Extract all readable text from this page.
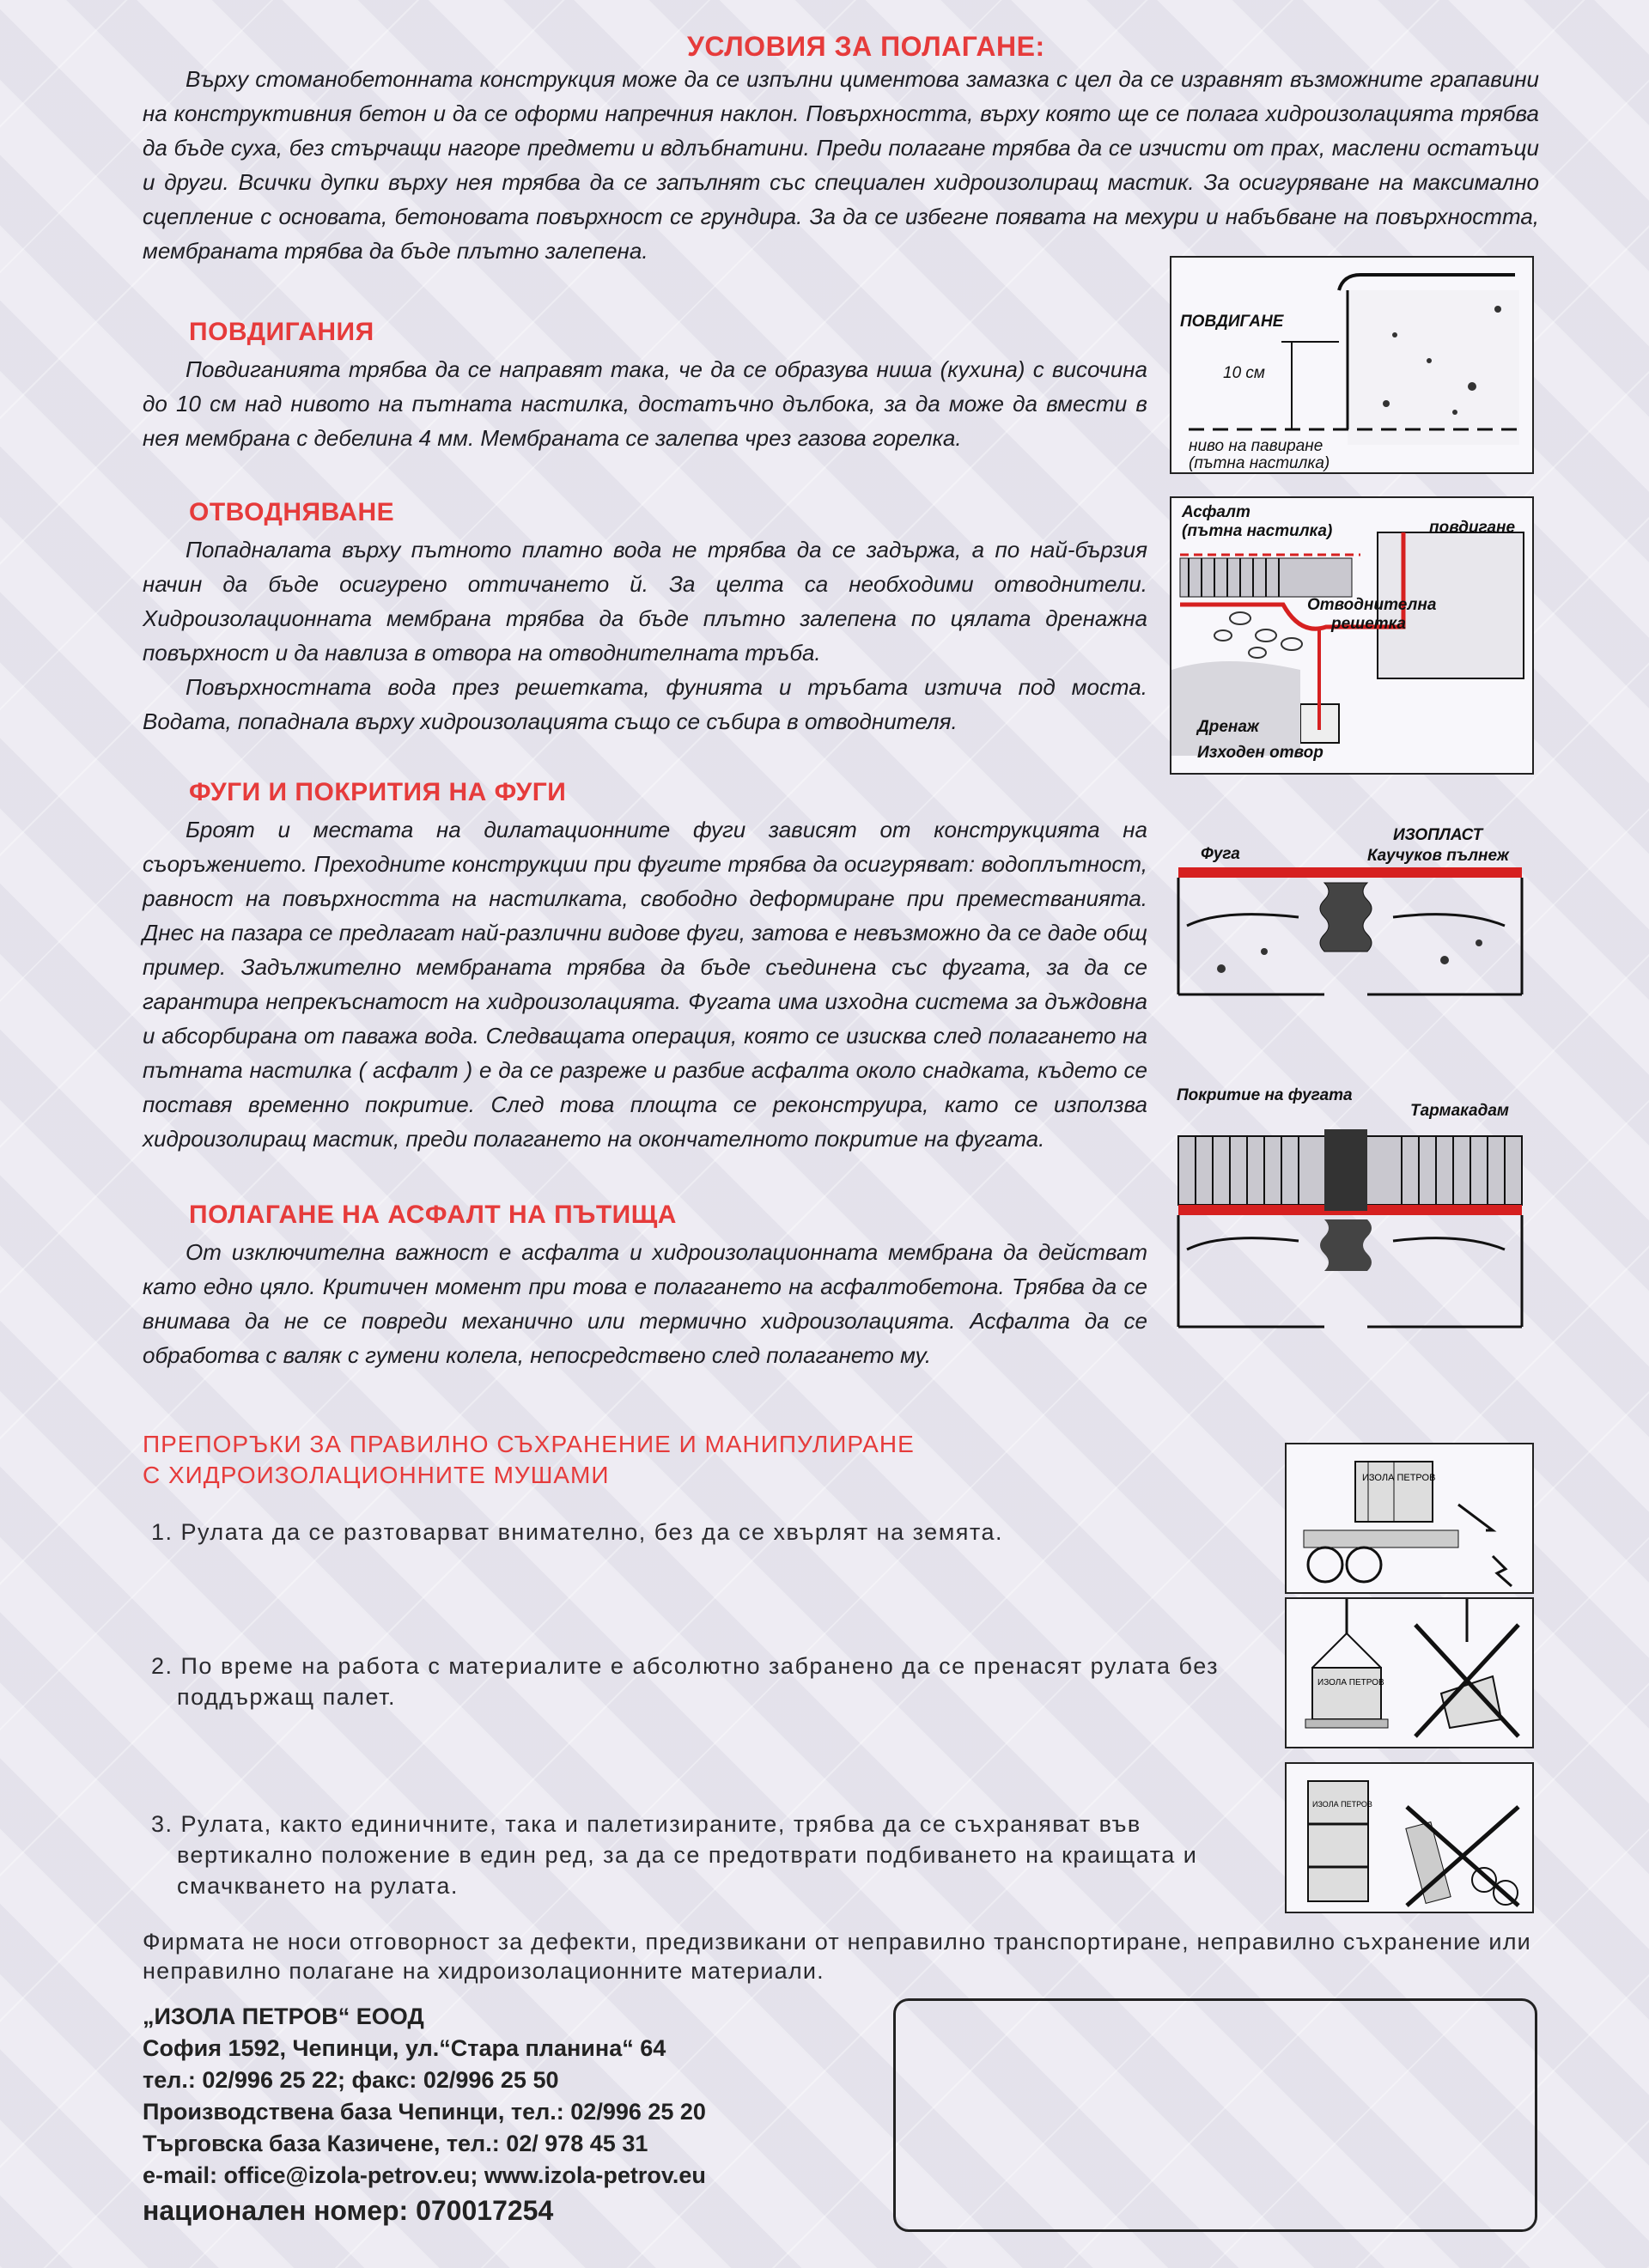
УСЛОВИЯ ЗА ПОЛАГАНЕ:

Върху стоманобетонната конструкция може да се изпълни циментова замазка с цел да се изравнят възможните грапавини на конструктивния бетон и да се оформи напречния наклон. Повърхността, върху която ще се полага хидроизолацията трябва да бъде суха, без стърчащи нагоре предмети и вдлъбнатини. Преди полагане трябва да се изчисти от прах, маслени остатъци и други. Всички дупки върху нея трябва да се запълнят със специален хидроизолиращ мастик. За осигуряване на максимално сцепление с основата, бетоновата повърхност се грундира. За да се избегне появата на мехури и набъбване на повърхността, мембраната трябва да бъде плътно залепена.

ПОВДИГАНИЯ

Повдиганията трябва да се направят така, че да се образува ниша (кухина) с височина до 10 см над нивото на пътната настилка, достатъчно дълбока, за да може да вмести в нея мембрана с дебелина 4 мм. Мембраната се залепва чрез газова горелка.

ОТВОДНЯВАНЕ

Попадналата върху пътното платно вода не трябва да се задържа, а по най-бързия начин да бъде осигурено оттичането й. За целта са необходими отводнители. Хидроизолационната мембрана трябва да бъде плътно залепена по цялата дренажна повърхност и да навлиза в отвора на отводнителната тръба.

Повърхностната вода през решетката, фунията и тръбата изтича под моста. Водата, попаднала върху хидроизолацията също се събира в отводнителя.

ФУГИ И ПОКРИТИЯ НА ФУГИ

Броят и местата на дилатационните фуги зависят от конструкцията на съоръжението. Преходните конструкции при фугите трябва да осигуряват: водоплътност, равност на повърхността на настилката, свободно деформиране при преместванията. Днес на пазара се предлагат най-различни видове фуги, затова е невъзможно да се даде общ пример. Задължително мембраната трябва да бъде съединена със фугата, за да се гарантира непрекъснатост на хидроизолацията. Фугата има изходна система за дъждовна и абсорбирана от паважа вода. Следващата операция, която се изисква след полагането на пътната настилка ( асфалт ) е да се разреже и разбие асфалта около снадката, където се поставя временно покритие. След това площта се реконструира, като се използва хидроизолиращ мастик, преди полагането на окончателното покритие на фугата.

ПОЛАГАНЕ НА АСФАЛТ НА ПЪТИЩА

От изключителна важност е асфалта и хидроизолационната мембрана да действат като едно цяло. Критичен момент при това е полагането на асфалтобетона. Трябва да се внимава да не се повреди механично или термично хидроизолацията. Асфалта да се обработва с валяк с гумени колела, непосредствено след полагането му.

ПОВДИГАНЕ
10 см
ниво на павиране
(пътна настилка)
Асфалт
(пътна настилка)	повдигане
Отводнителна
решетка
Дренаж
Изходен отвор
ИЗОПЛАСТ
Фуга	Каучуков пълнеж
Покритие на фугата
Тармакадам
ПРЕПОРЪКИ ЗА ПРАВИЛНО СЪХРАНЕНИЕ И МАНИПУЛИРАНЕ
С ХИДРОИЗОЛАЦИОННИТЕ МУШАМИ
1. Рулата да се разтоварват внимателно, без да се хвърлят на земята.
2. По време на работа с материалите е абсолютно забранено да се пренасят рулата без поддържащ палет.
3. Рулата, както единичните, така и палетизираните, трябва да се съхраняват във вертикално положение в един ред, за да се предотврати подбиването на краищата и смачкването на рулата.
ИЗОЛА ПЕТРОВ
ИЗОЛА ПЕТРОВ
ИЗОЛА ПЕТРОВ
Фирмата не носи отговорност за дефекти, предизвикани от неправилно транспортиране, неправилно съхранение или неправилно полагане на хидроизолационните материали.
„ИЗОЛА ПЕТРОВ“ ЕООД
София 1592, Чепинци, ул.“Стара планина“ 64
тел.: 02/996 25 22; факс: 02/996 25 50
Производствена база Чепинци, тел.: 02/996 25 20
Търговска база Казичене, тел.: 02/ 978 45 31
e-mail: office@izola-petrov.eu; www.izola-petrov.eu
национален номер: 070017254
